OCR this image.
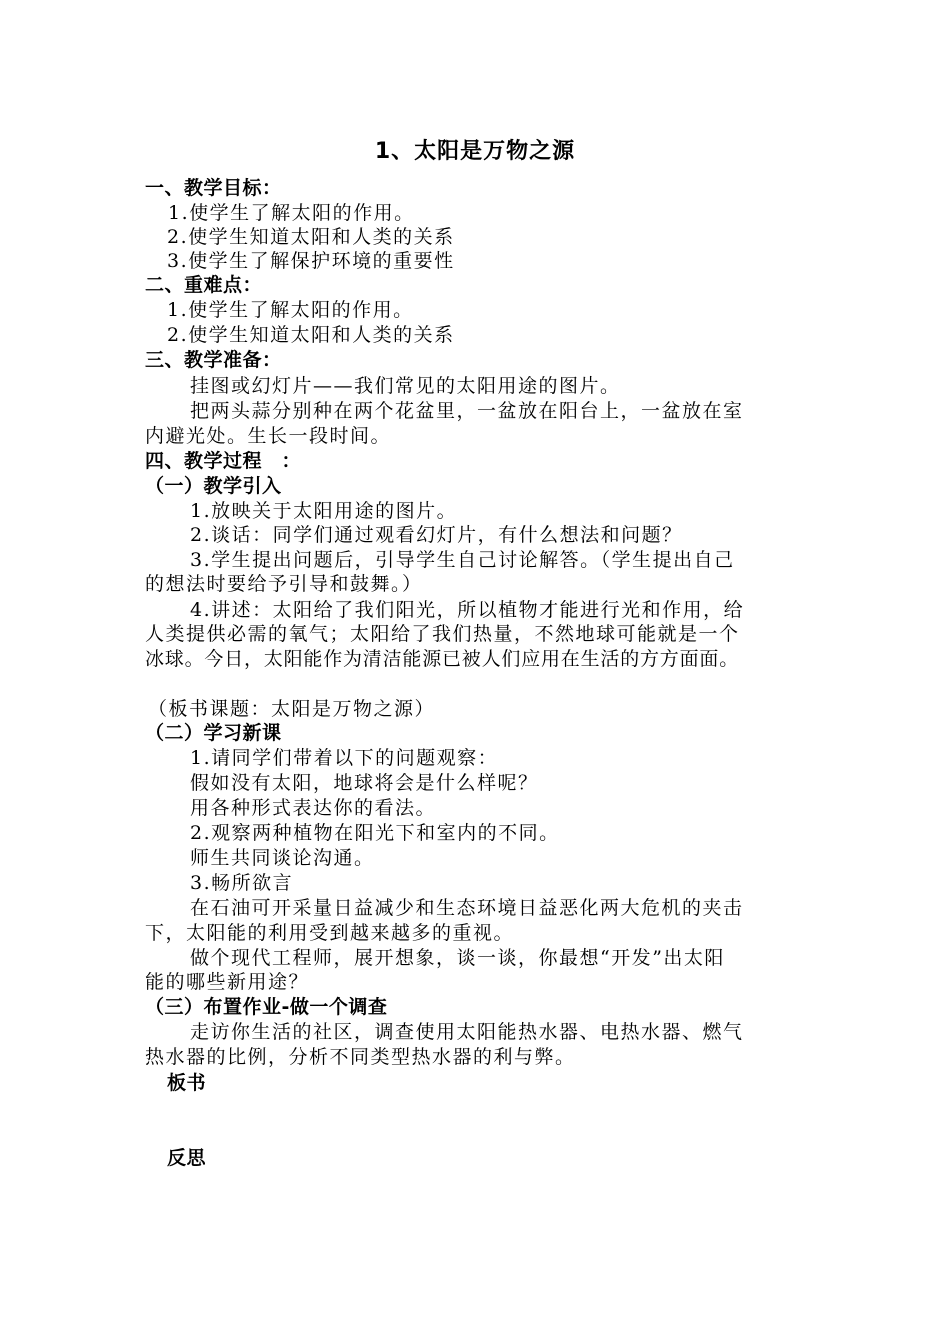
1、太阳是万物之源
一、教学目标：
1.使学生了解太阳的作用。
2.使学生知道太阳和人类的关系
3.使学生了解保护环境的重要性
二、重难点：
1.使学生了解太阳的作用。
2.使学生知道太阳和人类的关系
三、教学准备：
挂图或幻灯片——我们常见的太阳用途的图片。
把两头蒜分别种在两个花盆里，一盆放在阳台上，一盆放在室
内避光处。生长一段时间。
四、教学过程　：
（一）教学引入
1.放映关于太阳用途的图片。
2.谈话：同学们通过观看幻灯片，有什么想法和问题？
3.学生提出问题后，引导学生自己讨论解答。（学生提出自己
的想法时要给予引导和鼓舞。）
4.讲述：太阳给了我们阳光，所以植物才能进行光和作用，给
人类提供必需的氧气；太阳给了我们热量，不然地球可能就是一个
冰球。今日，太阳能作为清洁能源已被人们应用在生活的方方面面。
（板书课题：太阳是万物之源）
（二）学习新课
1.请同学们带着以下的问题观察：
假如没有太阳，地球将会是什么样呢？
用各种形式表达你的看法。
2.观察两种植物在阳光下和室内的不同。
师生共同谈论沟通。
3.畅所欲言
在石油可开采量日益减少和生态环境日益恶化两大危机的夹击
下，太阳能的利用受到越来越多的重视。
做个现代工程师，展开想象，谈一谈，你最想“开发”出太阳
能的哪些新用途？
（三）布置作业-做一个调查
走访你生活的社区，调查使用太阳能热水器、电热水器、燃气
热水器的比例，分析不同类型热水器的利与弊。
板书
反思
